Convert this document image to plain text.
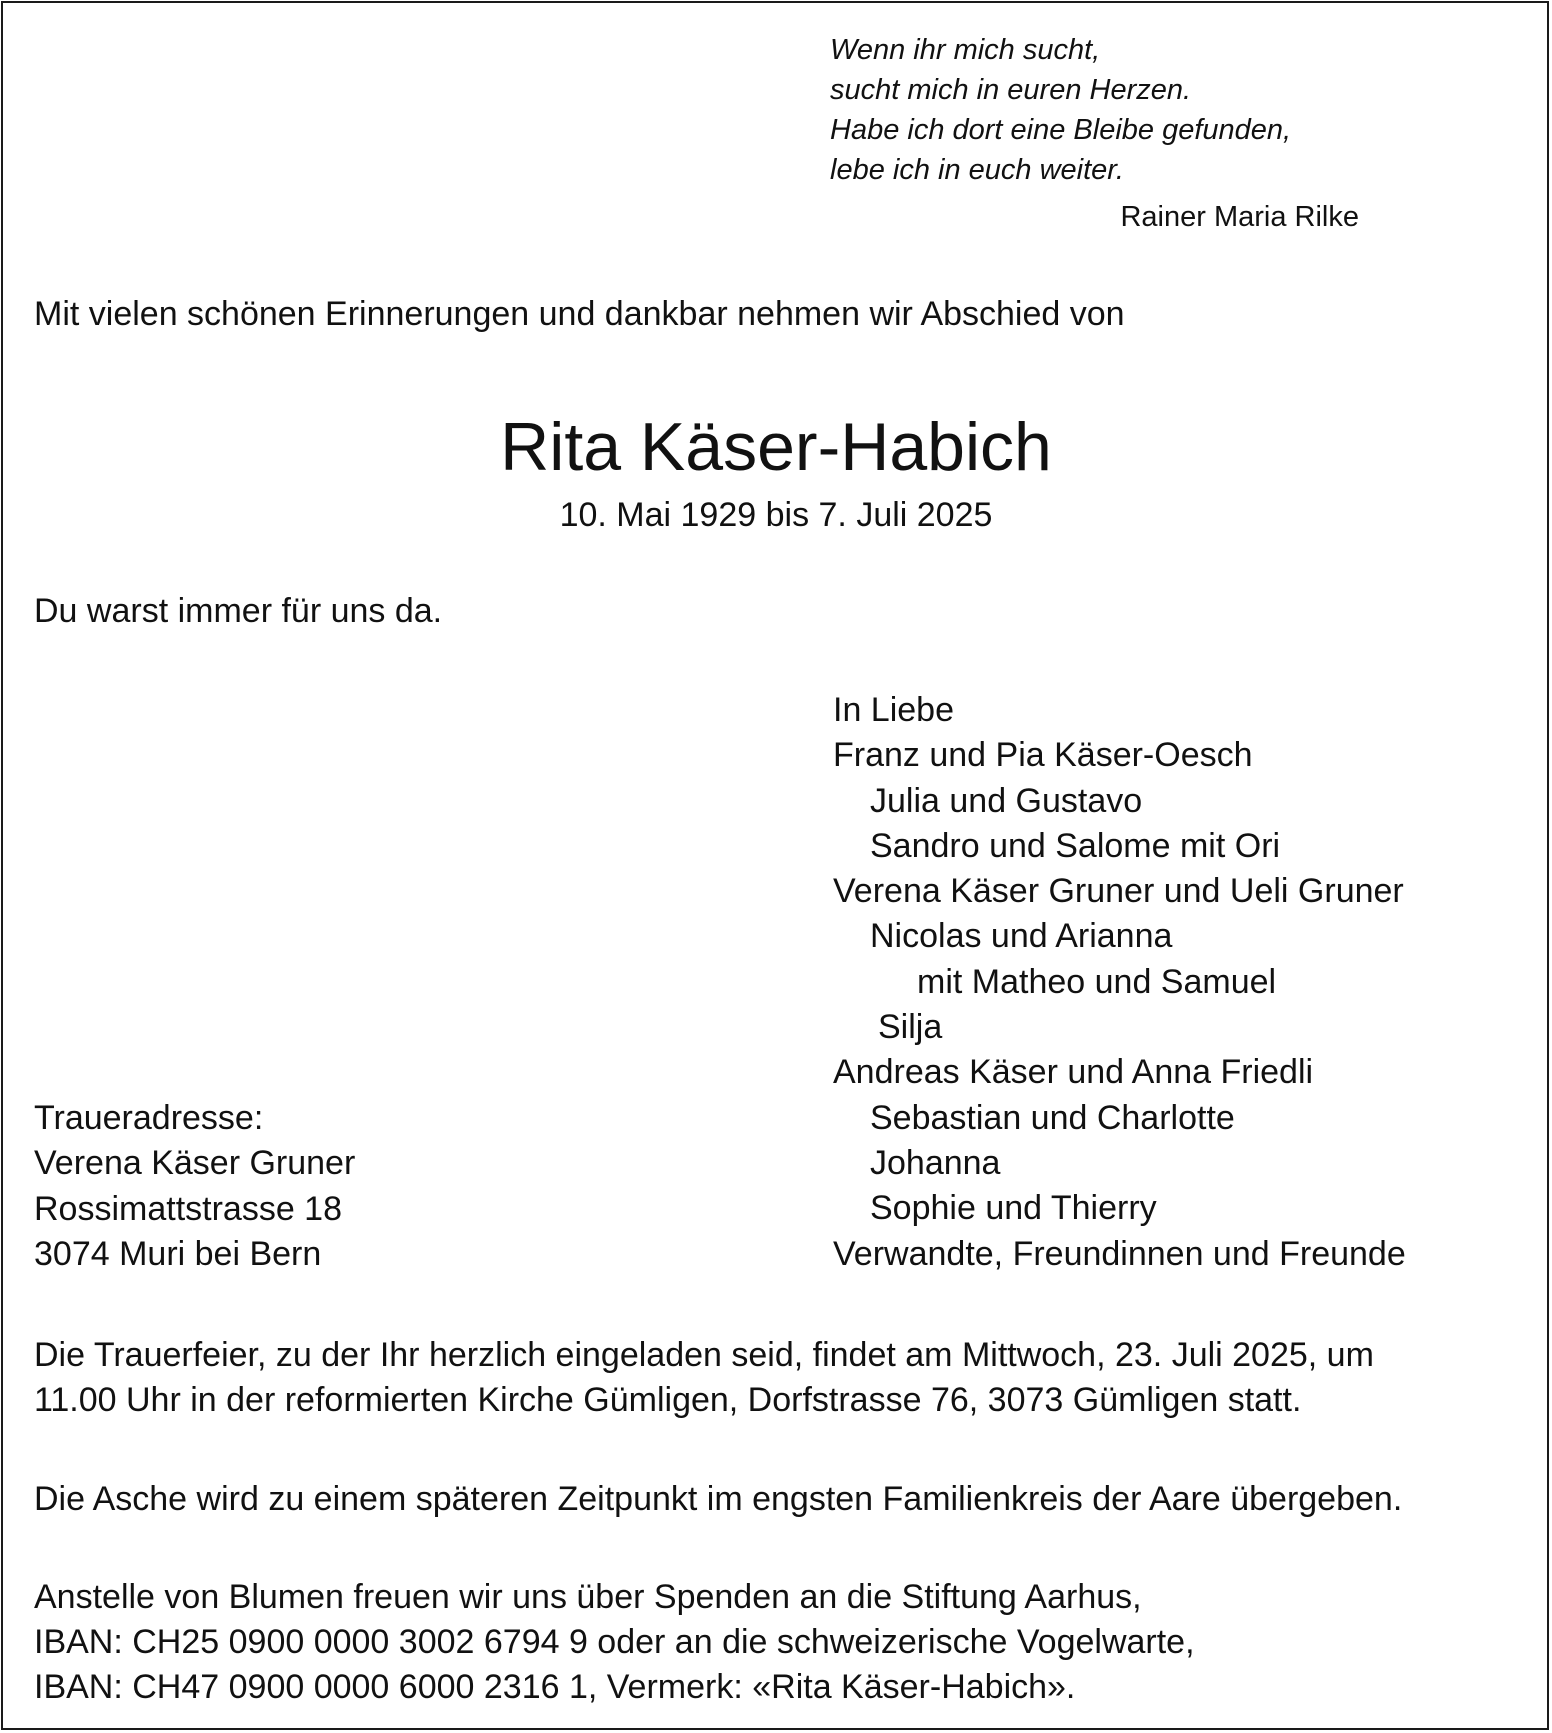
Wenn ihr mich sucht,
sucht mich in euren Herzen.
Habe ich dort eine Bleibe gefunden,
lebe ich in euch weiter.
Rainer Maria Rilke
Mit vielen schönen Erinnerungen und dankbar nehmen wir Abschied von
Rita Käser-Habich
10. Mai 1929 bis 7. Juli 2025
Du warst immer für uns da.
In Liebe
Franz und Pia Käser-Oesch
Julia und Gustavo
Sandro und Salome mit Ori
Verena Käser Gruner und Ueli Gruner
Nicolas und Arianna
mit Matheo und Samuel
Silja
Andreas Käser und Anna Friedli
Sebastian und Charlotte
Johanna
Sophie und Thierry
Verwandte, Freundinnen und Freunde
Traueradresse:
Verena Käser Gruner
Rossimattstrasse 18
3074 Muri bei Bern
Die Trauerfeier, zu der Ihr herzlich eingeladen seid, findet am Mittwoch, 23. Juli 2025, um
11.00 Uhr in der reformierten Kirche Gümligen, Dorfstrasse 76, 3073 Gümligen statt.
Die Asche wird zu einem späteren Zeitpunkt im engsten Familienkreis der Aare übergeben.
Anstelle von Blumen freuen wir uns über Spenden an die Stiftung Aarhus,
IBAN: CH25 0900 0000 3002 6794 9 oder an die schweizerische Vogelwarte,
IBAN: CH47 0900 0000 6000 2316 1, Vermerk: «Rita Käser-Habich».
